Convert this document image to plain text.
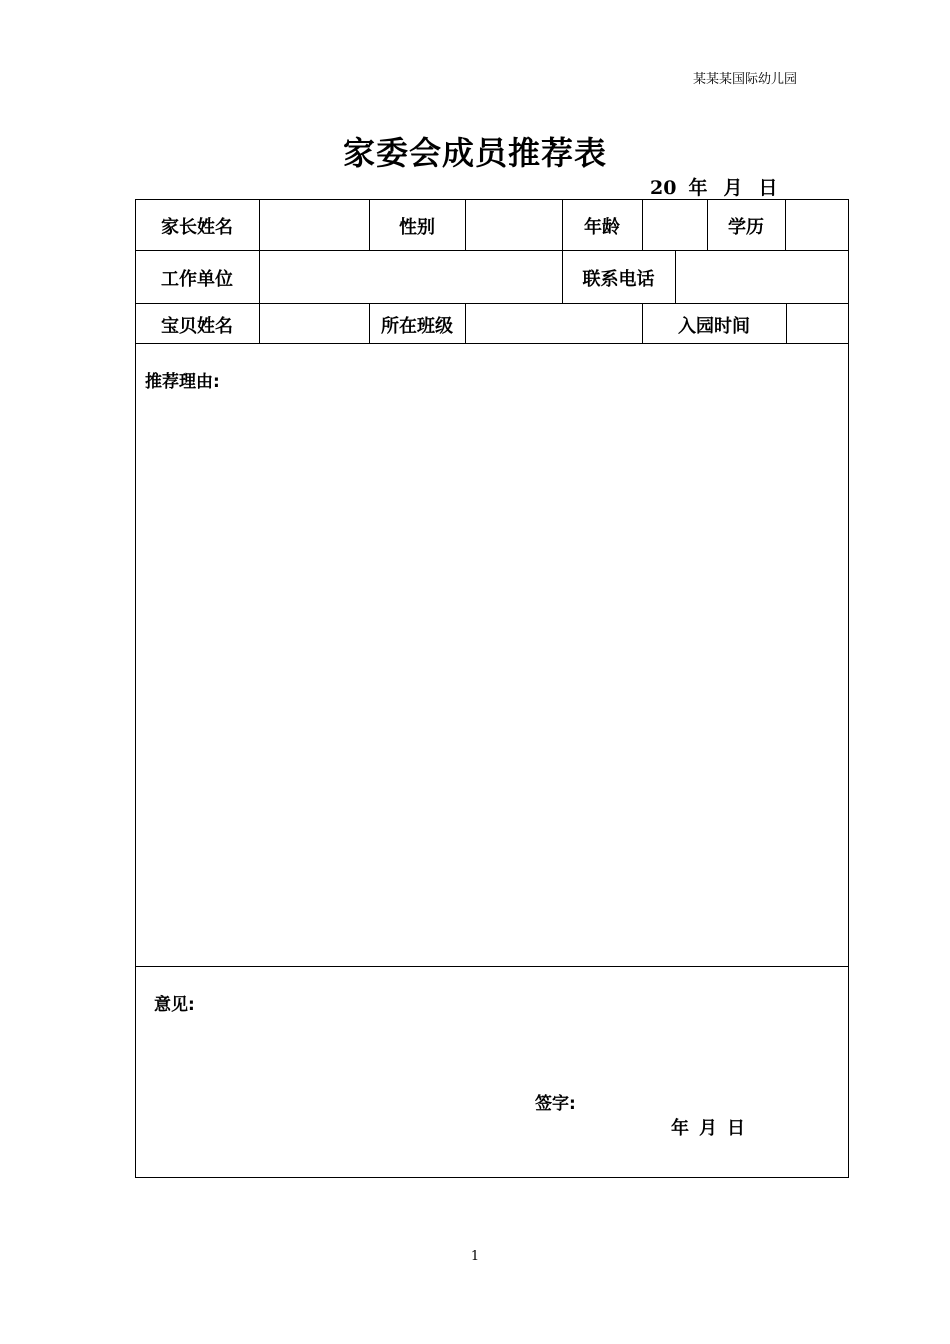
某某某国际幼儿园
家委会成员推荐表
20 年 月 日
家长姓名	性别	年龄	学历
工作单位	联系电话
宝贝姓名	所在班级	入园时间
推荐理由:
意见:
签字:
年 月 日
1
